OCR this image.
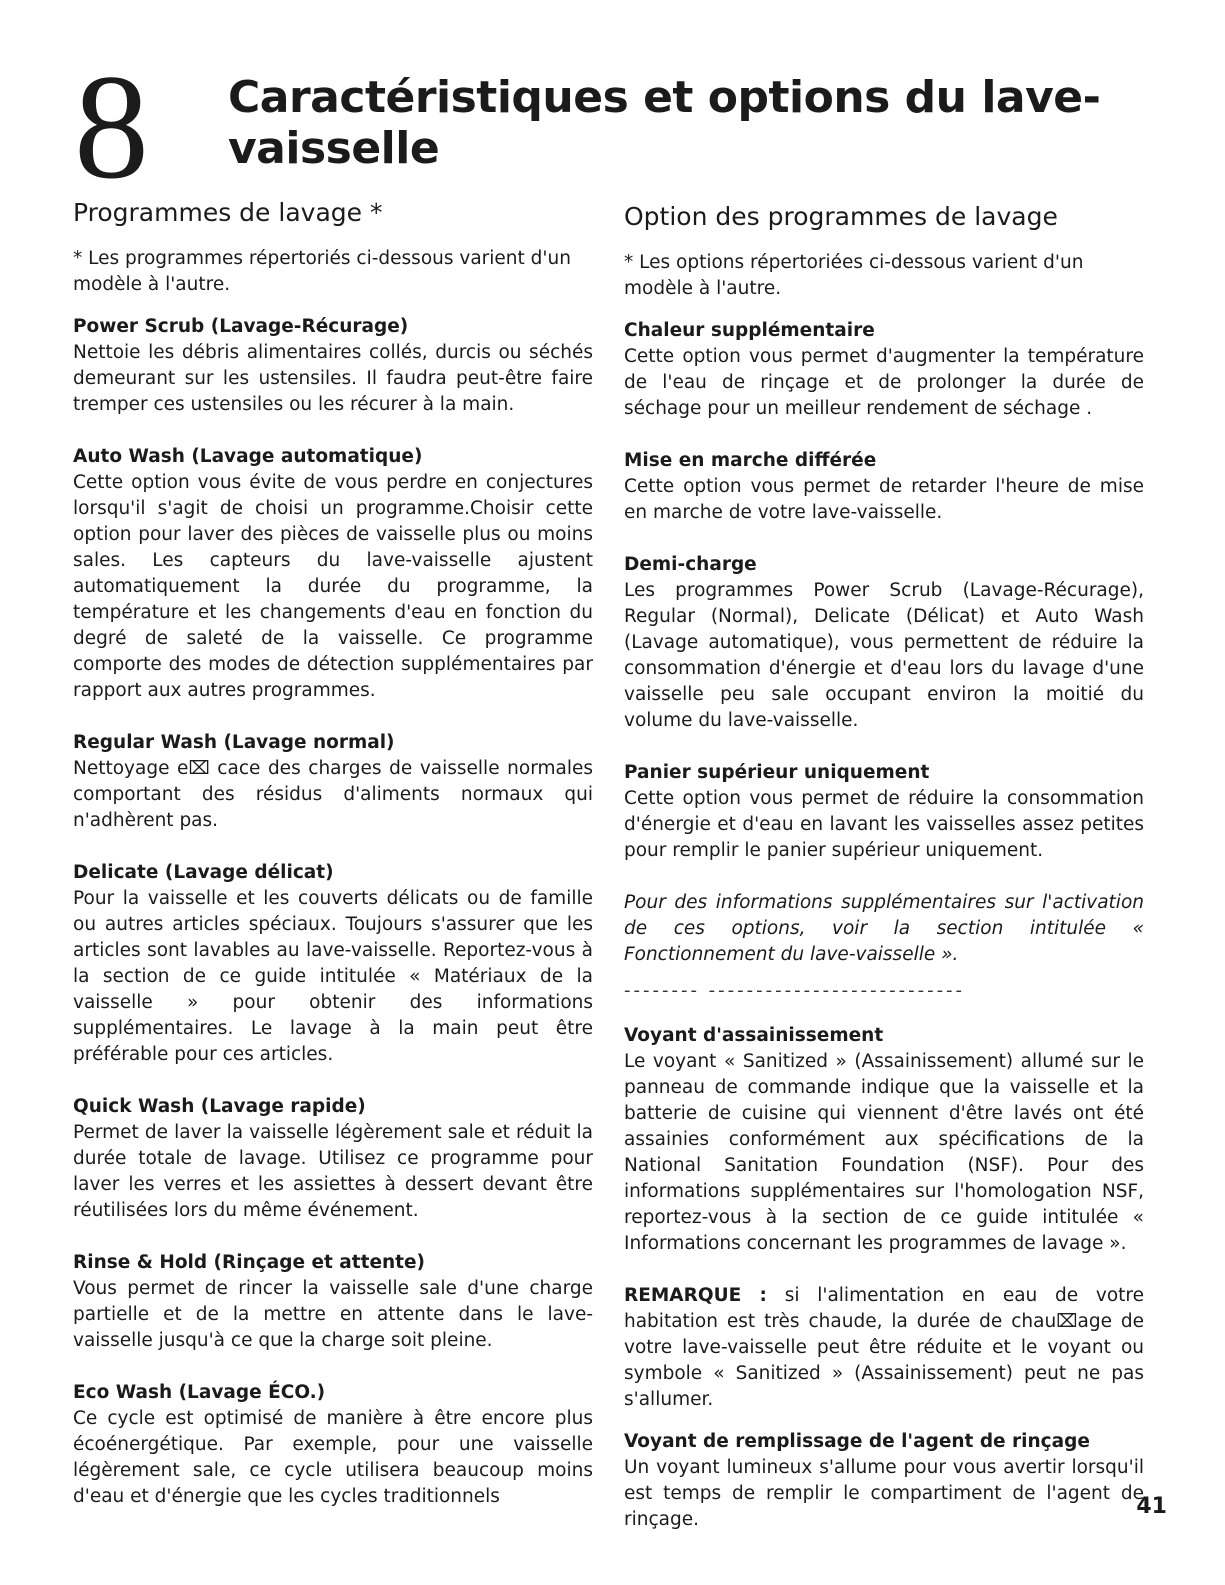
8 Caractéristiques et options du lave-vaisselle
Programmes de lavage *

* Les programmes répertoriés ci-dessous varient d'un modèle à l'autre.

Power Scrub (Lavage-Récurage)

Nettoie les débris alimentaires collés, durcis ou séchés demeurant sur les ustensiles. Il faudra peut-être faire tremper ces ustensiles ou les récurer à la main.

Auto Wash (Lavage automatique)

Cette option vous évite de vous perdre en conjectures lorsqu'il s'agit de choisi un programme.Choisir cette option pour laver des pièces de vaisselle plus ou moins sales. Les capteurs du lave-vaisselle ajustent automatiquement la durée du programme, la température et les changements d'eau en fonction du degré de saleté de la vaisselle. Ce programme comporte des modes de détection supplémentaires par rapport aux autres programmes.

Regular Wash (Lavage normal)

Nettoyage e⌧ cace des charges de vaisselle normales comportant des résidus d'aliments normaux qui n'adhèrent pas.

Delicate (Lavage délicat)

Pour la vaisselle et les couverts délicats ou de famille ou autres articles spéciaux. Toujours s'assurer que les articles sont lavables au lave-vaisselle. Reportez-vous à la section de ce guide intitulée « Matériaux de la vaisselle » pour obtenir des informations supplémentaires. Le lavage à la main peut être préférable pour ces articles.

Quick Wash (Lavage rapide)

Permet de laver la vaisselle légèrement sale et réduit la durée totale de lavage. Utilisez ce programme pour laver les verres et les assiettes à dessert devant être réutilisées lors du même événement.

Rinse & Hold (Rinçage et attente)

Vous permet de rincer la vaisselle sale d'une charge partielle et de la mettre en attente dans le lave-vaisselle jusqu'à ce que la charge soit pleine.

Eco Wash (Lavage ÉCO.)

Ce cycle est optimisé de manière à être encore plus écoénergétique. Par exemple, pour une vaisselle légèrement sale, ce cycle utilisera beaucoup moins d'eau et d'énergie que les cycles traditionnels

Option des programmes de lavage

* Les options répertoriées ci-dessous varient d'un modèle à l'autre.

Chaleur supplémentaire

Cette option vous permet d'augmenter la température de l'eau de rinçage et de prolonger la durée de séchage pour un meilleur rendement de séchage .

Mise en marche différée

Cette option vous permet de retarder l'heure de mise en marche de votre lave-vaisselle.

Demi-charge

Les programmes Power Scrub (Lavage-Récurage), Regular (Normal), Delicate (Délicat) et Auto Wash (Lavage automatique), vous permettent de réduire la consommation d'énergie et d'eau lors du lavage d'une vaisselle peu sale occupant environ la moitié du volume du lave-vaisselle.

Panier supérieur uniquement

Cette option vous permet de réduire la consommation d'énergie et d'eau en lavant les vaisselles assez petites pour remplir le panier supérieur uniquement.

Pour des informations supplémentaires sur l'activation de ces options, voir la section intitulée « Fonctionnement du lave-vaisselle ».

-------- ---------------------------
Voyant d'assainissement

Le voyant « Sanitized » (Assainissement) allumé sur le panneau de commande indique que la vaisselle et la batterie de cuisine qui viennent d'être lavés ont été assainies conformément aux spécifications de la National Sanitation Foundation (NSF). Pour des informations supplémentaires sur l'homologation NSF, reportez-vous à la section de ce guide intitulée « Informations concernant les programmes de lavage ».

REMARQUE : si l'alimentation en eau de votre habitation est très chaude, la durée de chau⌧age de votre lave-vaisselle peut être réduite et le voyant ou symbole « Sanitized » (Assainissement) peut ne pas s'allumer.

Voyant de remplissage de l'agent de rinçage

Un voyant lumineux s'allume pour vous avertir lorsqu'il est temps de remplir le compartiment de l'agent de rinçage.

41
